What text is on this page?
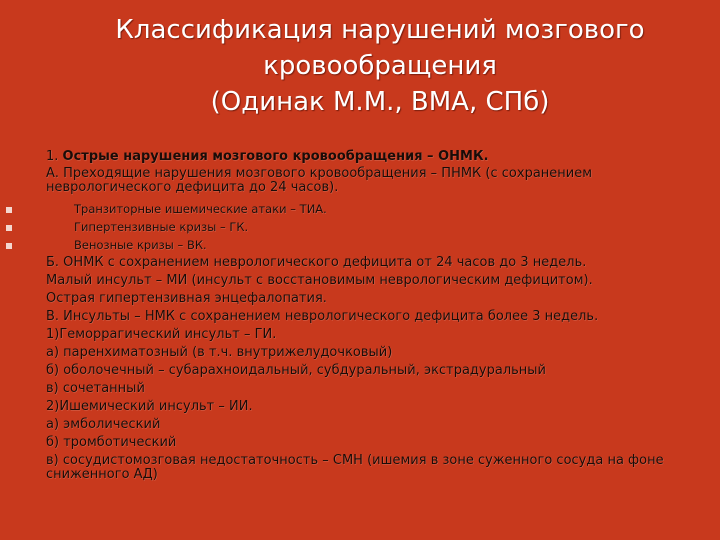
Классификация нарушений мозгового
кровообращения
(Одинак М.М., ВМА, СПб)
1. Острые нарушения мозгового кровообращения – ОНМК.
А. Преходящие нарушения мозгового кровообращения – ПНМК (с сохранением
неврологического дефицита до 24 часов).
Транзиторные ишемические атаки – ТИА.
Гипертензивные кризы – ГК.
Венозные кризы – ВК.
Б. ОНМК с сохранением неврологического дефицита от 24 часов до 3 недель.
Малый инсульт – МИ (инсульт с восстановимым неврологическим дефицитом).
Острая гипертензивная энцефалопатия.
В. Инсульты – НМК с сохранением неврологического дефицита более 3 недель.
1)Геморрагический инсульт – ГИ.
а) паренхиматозный (в т.ч. внутрижелудочковый)
б) оболочечный – субарахноидальный, субдуральный, экстрадуральный
в) сочетанный
2)Ишемический инсульт – ИИ.
а) эмболический
б) тромботический
в) сосудистомозговая недостаточность – СМН (ишемия в зоне суженного сосуда на фоне
сниженного АД)
